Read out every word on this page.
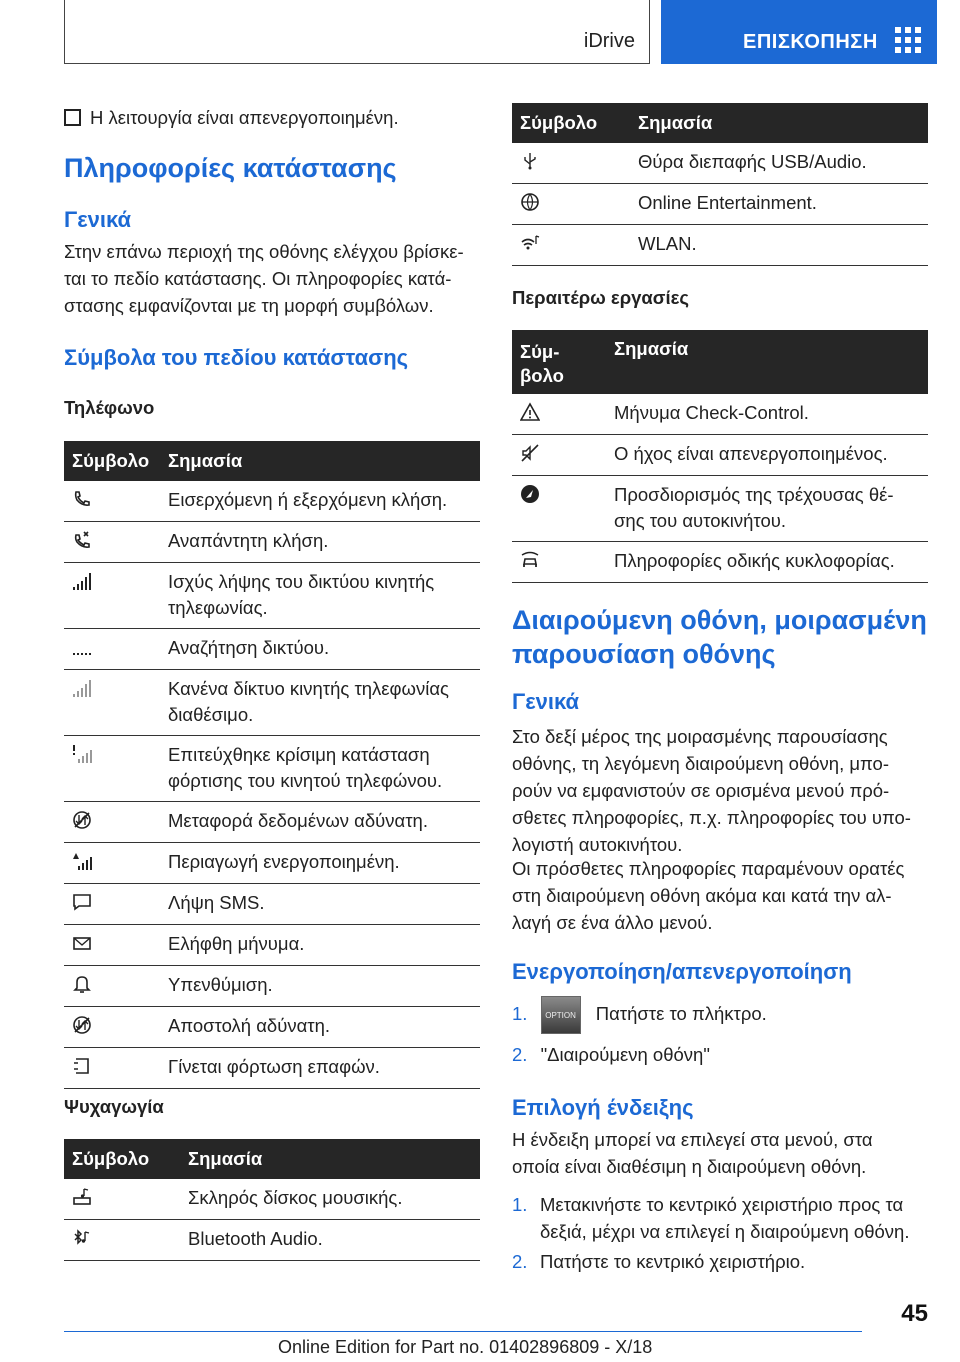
iDrive	ΕΠΙΣΚΟΠΗΣΗ
Η λειτουργία είναι απενεργοποιημένη.
Πληροφορίες κατάστασης
Γενικά
Στην επάνω περιοχή της οθόνης ελέγχου βρίσκε-
ται το πεδίο κατάστασης. Οι πληροφορίες κατά-
στασης εμφανίζονται με τη μορφή συμβόλων.
Σύμβολα του πεδίου κατάστασης
Τηλέφωνο
Σύμβολο	Σημασία

Εισερχόμενη ή εξερχόμενη κλήση.

Αναπάντητη κλήση.

Ισχύς λήψης του δικτύου κινητής
τηλεφωνίας.

Αναζήτηση δικτύου.

Κανένα δίκτυο κινητής τηλεφωνίας
διαθέσιμο.

Επιτεύχθηκε κρίσιμη κατάσταση
φόρτισης του κινητού τηλεφώνου.

Μεταφορά δεδομένων αδύνατη.

Περιαγωγή ενεργοποιημένη.

Λήψη SMS.

Ελήφθη μήνυμα.

Υπενθύμιση.

Αποστολή αδύνατη.

Γίνεται φόρτωση επαφών.
Ψυχαγωγία
Σύμβολο	Σημασία

Σκληρός δίσκος μουσικής.

Bluetooth Audio.
Σύμβολο	Σημασία

Θύρα διεπαφής USB/Audio.

Online Entertainment.

WLAN.
Περαιτέρω εργασίες
Σύμ-
βολο	Σημασία

Μήνυμα Check-Control.

Ο ήχος είναι απενεργοποιημένος.

Προσδιορισμός της τρέχουσας θέ-
σης του αυτοκινήτου.

Πληροφορίες οδικής κυκλοφορίας.
Διαιρούμενη οθόνη, μοιρασμένη
παρουσίαση οθόνης
Γενικά
Στο δεξί μέρος της μοιρασμένης παρουσίασης
οθόνης, τη λεγόμενη διαιρούμενη οθόνη, μπο-
ρούν να εμφανιστούν σε ορισμένα μενού πρό-
σθετες πληροφορίες, π.χ. πληροφορίες του υπο-
λογιστή αυτοκινήτου.
Οι πρόσθετες πληροφορίες παραμένουν ορατές
στη διαιρούμενη οθόνη ακόμα και κατά την αλ-
λαγή σε ένα άλλο μενού.
Ενεργοποίηση/απενεργοποίηση
1. OPTION Πατήστε το πλήκτρο.
2. "Διαιρούμενη οθόνη"
Επιλογή ένδειξης
Η ένδειξη μπορεί να επιλεγεί στα μενού, στα
οποία είναι διαθέσιμη η διαιρούμενη οθόνη.
1. Μετακινήστε το κεντρικό χειριστήριο προς τα
δεξιά, μέχρι να επιλεγεί η διαιρούμενη οθόνη.
2. Πατήστε το κεντρικό χειριστήριο.
45
Online Edition for Part no. 01402896809 - X/18
